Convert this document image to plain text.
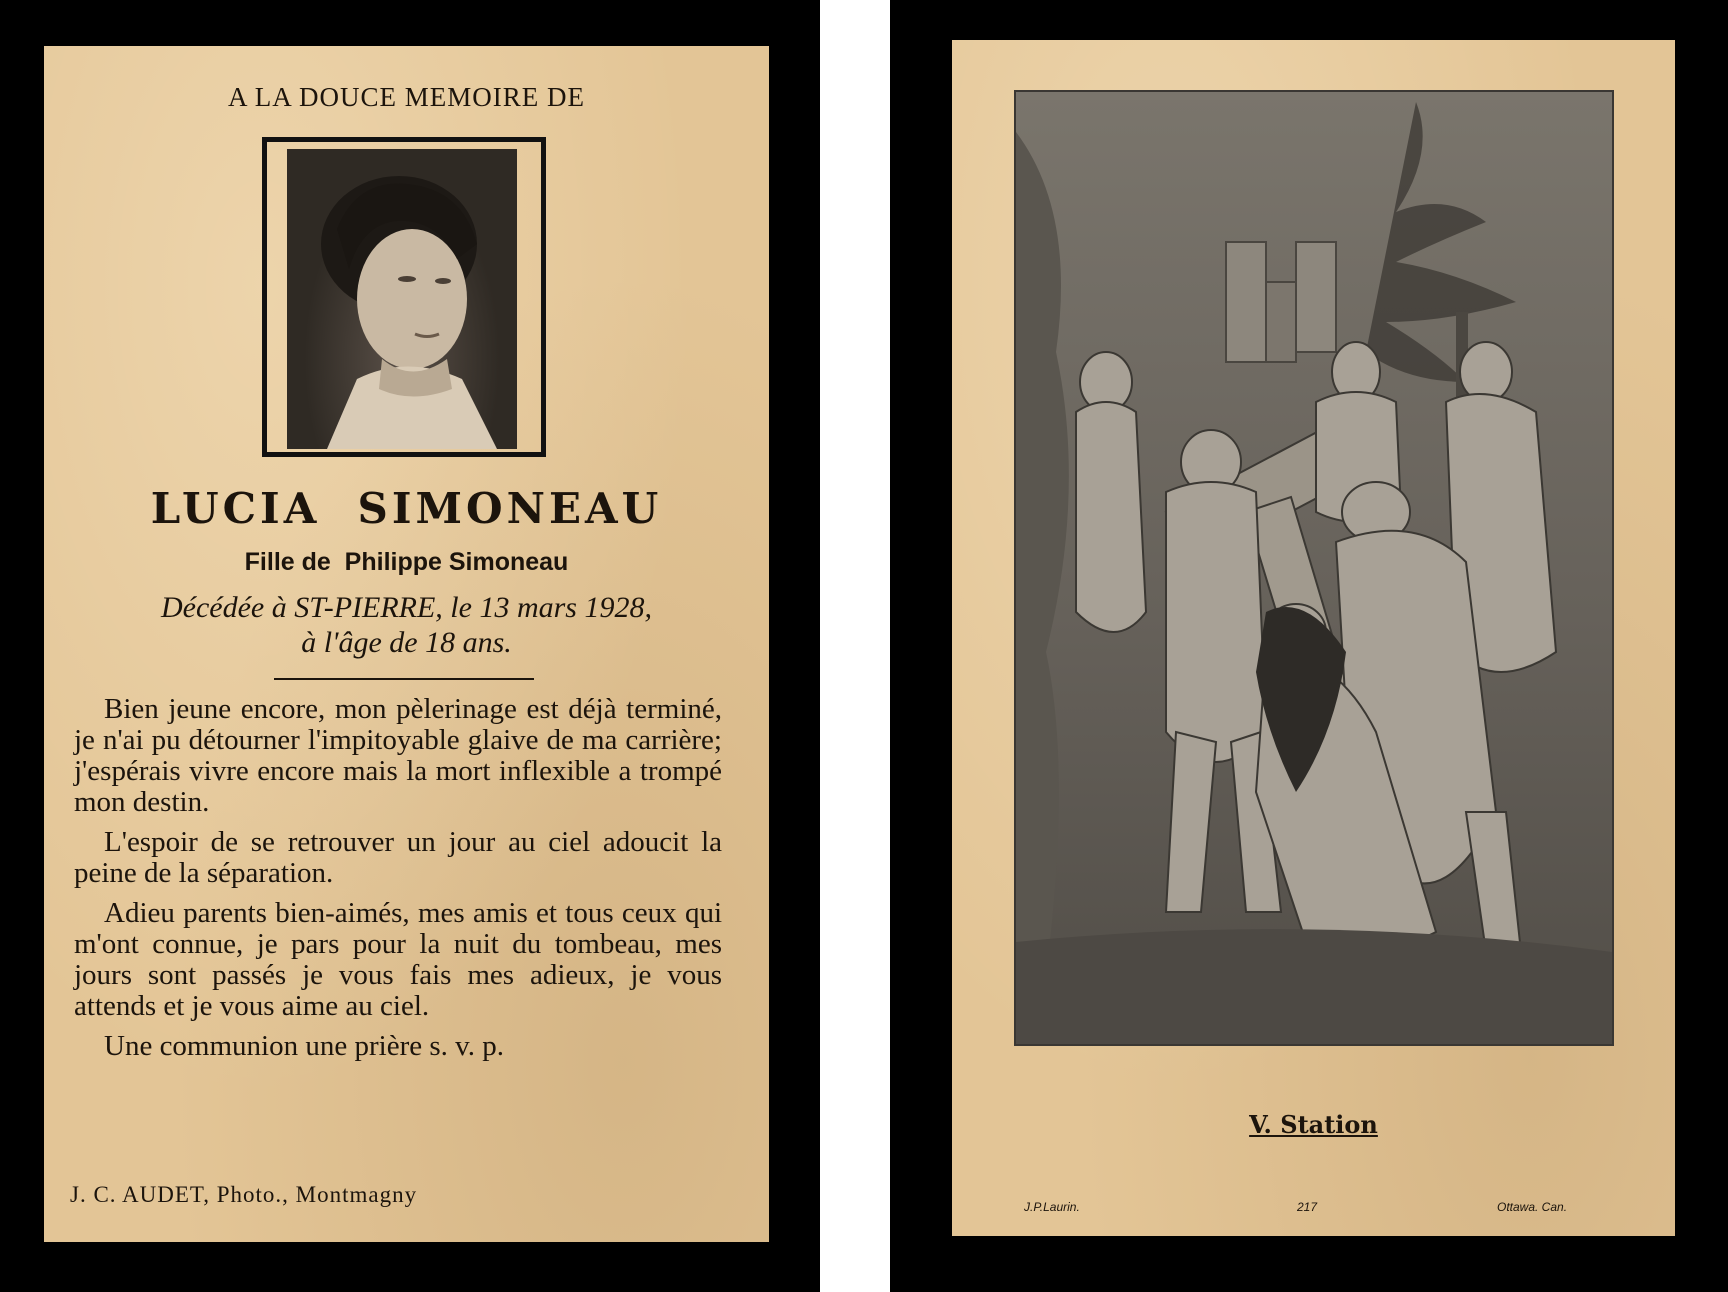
A LA DOUCE MEMOIRE DE
LUCIA  SIMONEAU
Fille de  Philippe Simoneau
Décédée à ST-PIERRE, le 13 mars 1928,
à l'âge de 18 ans.

Bien jeune encore, mon pèlerinage est déjà terminé, je n'ai pu détourner l'impitoyable glaive de ma carrière; j'espérais vivre encore mais la mort inflexible a trompé mon destin.

L'espoir de se retrouver un jour au ciel adoucit la peine de la séparation.

Adieu parents bien-aimés, mes amis et tous ceux qui m'ont connue, je pars pour la nuit du tombeau, mes jours sont passés je vous fais mes adieux, je vous attends et je vous aime au ciel.

Une communion une prière s. v. p.

J. C. AUDET, Photo., Montmagny
V. Station
J.P.Laurin.	217	Ottawa. Can.
